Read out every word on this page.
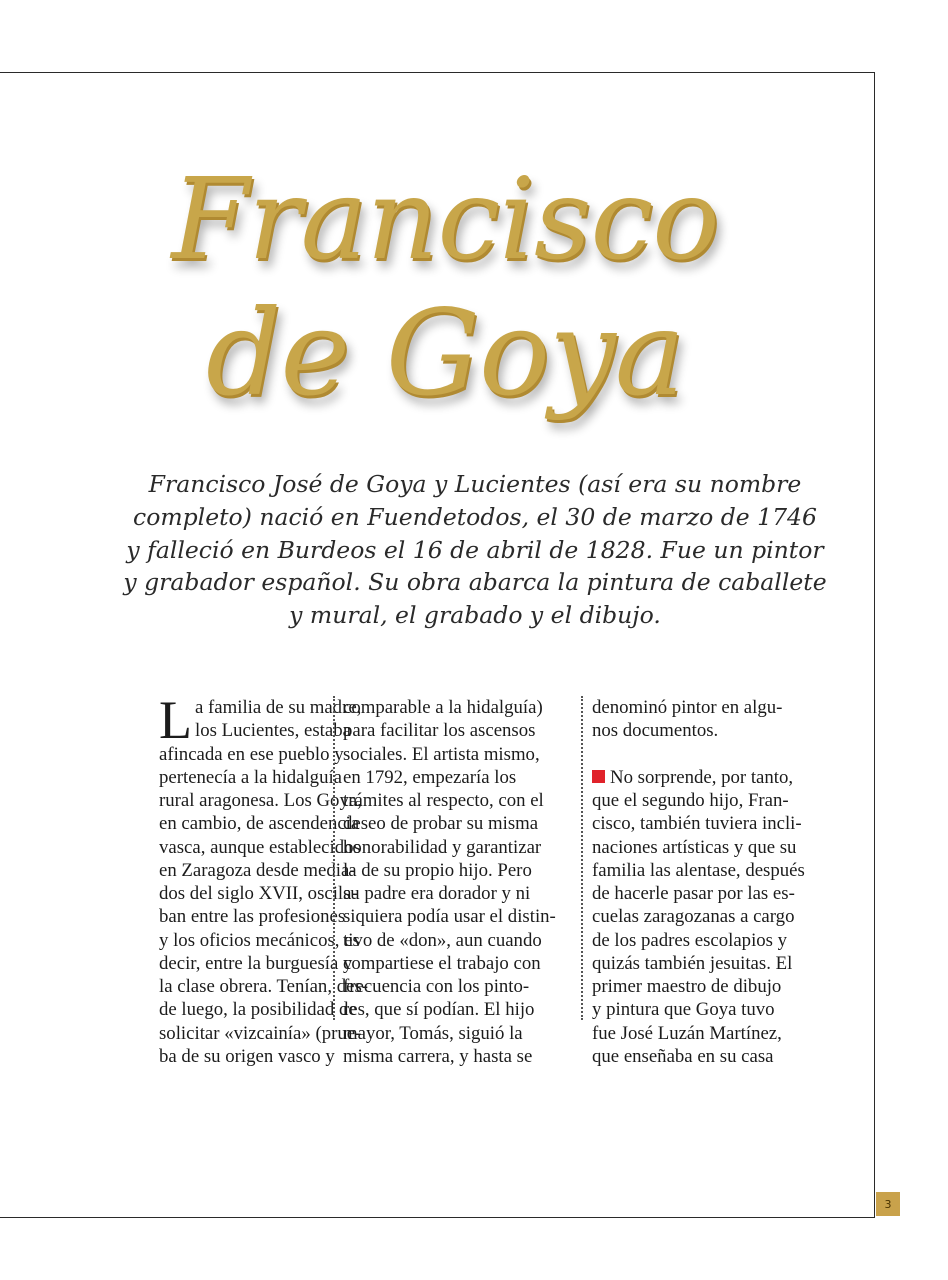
Francisco
de Goya
Francisco José de Goya y Lucientes (así era su nombre
completo) nació en Fuendetodos, el 30 de marzo de 1746
y falleció en Burdeos el 16 de abril de 1828. Fue un pintor
y grabador español. Su obra abarca la pintura de caballete
y mural, el grabado y el dibujo.
L a familia de su madre,
los Lucientes, estaba
afincada en ese pueblo y
pertenecía a la hidalguía
rural aragonesa. Los Goya,
en cambio, de ascendencia
vasca, aunque establecidos
en Zaragoza desde media-
dos del siglo XVII, oscila-
ban entre las profesiones
y los oficios mecánicos, es
decir, entre la burguesía y
la clase obrera. Tenían, des-
de luego, la posibilidad de
solicitar «vizcainía» (prue-
ba de su origen vasco y
comparable a la hidalguía)
para facilitar los ascensos
sociales. El artista mismo,
en 1792, empezaría los
trámites al respecto, con el
deseo de probar su misma
honorabilidad y garantizar
la de su propio hijo. Pero
su padre era dorador y ni
siquiera podía usar el distin-
tivo de «don», aun cuando
compartiese el trabajo con
frecuencia con los pinto-
res, que sí podían. El hijo
mayor, Tomás, siguió la
misma carrera, y hasta se
denominó pintor en algu-
nos documentos.
No sorprende, por tanto,
que el segundo hijo, Fran-
cisco, también tuviera incli-
naciones artísticas y que su
familia las alentase, después
de hacerle pasar por las es-
cuelas zaragozanas a cargo
de los padres escolapios y
quizás también jesuitas. El
primer maestro de dibujo
y pintura que Goya tuvo
fue José Luzán Martínez,
que enseñaba en su casa
3
